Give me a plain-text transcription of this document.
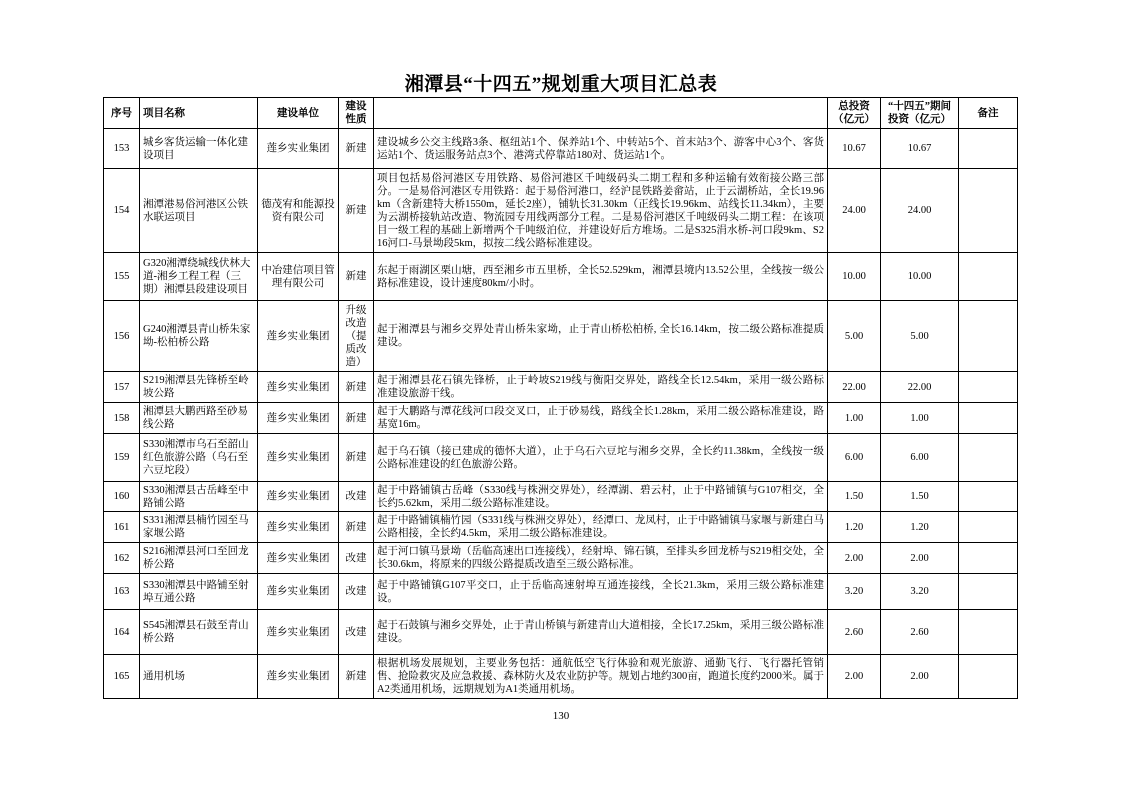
湘潭县“十四五”规划重大项目汇总表
序号	项目名称	建设单位	建设性质		总投资（亿元）	“十四五”期间投资（亿元）	备注
153	城乡客货运输一体化建设项目	莲乡实业集团	新建	建设城乡公交主线路3条、枢纽站1个、保养站1个、中转站5个、首末站3个、游客中心3个、客货运站1个、货运服务站点3个、港湾式停靠站180对、货运站1个。	10.67	10.67	
154	湘潭港易俗河港区公铁水联运项目	德茂宥和能源投资有限公司	新建	项目包括易俗河港区专用铁路、易俗河港区千吨级码头二期工程和多种运输有效衔接公路三部分。一是易俗河港区专用铁路：起于易俗河港口，经沪昆铁路姜畲站，止于云湖桥站，全长19.96km（含新建特大桥1550m，延长2座），铺轨长31.30km（正线长19.96km、站线长11.34km），主要为云湖桥接轨站改造、物流园专用线两部分工程。二是易俗河港区千吨级码头二期工程：在该项目一级工程的基础上新增两个千吨级泊位，并建设好后方堆场。二是S325涓水桥-河口段9km、S216河口-马景坳段5km，拟按二线公路标准建设。	24.00	24.00	
155	G320湘潭绕城线伏林大道-湘乡工程工程（三期）湘潭县段建设项目	中冶建信项目管理有限公司	新建	东起于雨湖区栗山塘，西至湘乡市五里桥，全长52.529km，湘潭县境内13.52公里，全线按一级公路标准建设，设计速度80km/小时。	10.00	10.00	
156	G240湘潭县青山桥朱家坳-松柏桥公路	莲乡实业集团	升级改造（提质改造）	起于湘潭县与湘乡交界处青山桥朱家坳，止于青山桥松柏桥, 全长16.14km，按二级公路标准提质建设。	5.00	5.00	
157	S219湘潭县先锋桥至岭坡公路	莲乡实业集团	新建	起于湘潭县花石镇先锋桥，止于岭坡S219线与衡阳交界处，路线全长12.54km，采用一级公路标准建设旅游干线。	22.00	22.00	
158	湘潭县大鹏西路至砂易线公路	莲乡实业集团	新建	起于大鹏路与潭花线河口段交叉口，止于砂易线，路线全长1.28km，采用二级公路标准建设，路基宽16m。	1.00	1.00	
159	S330湘潭市乌石至韶山红色旅游公路（乌石至六豆坨段）	莲乡实业集团	新建	起于乌石镇（接已建成的德怀大道），止于乌石六豆坨与湘乡交界，全长约11.38km，全线按一级公路标准建设的红色旅游公路。	6.00	6.00	
160	S330湘潭县古岳峰至中路铺公路	莲乡实业集团	改建	起于中路铺镇古岳峰（S330线与株洲交界处），经潭湖、碧云村，止于中路铺镇与G107相交，全长约5.62km，采用二级公路标准建设。	1.50	1.50	
161	S331湘潭县楠竹园至马家堰公路	莲乡实业集团	新建	起于中路铺镇楠竹园（S331线与株洲交界处），经潭口、龙凤村，止于中路铺镇马家堰与新建白马公路相接，全长约4.5km，采用二级公路标准建设。	1.20	1.20	
162	S216湘潭县河口至回龙桥公路	莲乡实业集团	改建	起于河口镇马景坳（岳临高速出口连接线），经射埠、锦石镇，至排头乡回龙桥与S219相交处，全长30.6km，将原来的四级公路提质改造至三级公路标准。	2.00	2.00	
163	S330湘潭县中路铺至射埠互通公路	莲乡实业集团	改建	起于中路铺镇G107平交口，止于岳临高速射埠互通连接线，全长21.3km，采用三级公路标准建设。	3.20	3.20	
164	S545湘潭县石鼓至青山桥公路	莲乡实业集团	改建	起于石鼓镇与湘乡交界处，止于青山桥镇与新建青山大道相接，全长17.25km，采用三级公路标准建设。	2.60	2.60	
165	通用机场	莲乡实业集团	新建	根据机场发展规划，主要业务包括：通航低空飞行体验和观光旅游、通勤飞行、飞行器托管销售、抢险救灾及应急救援、森林防火及农业防护等。规划占地约300亩，跑道长度约2000米。属于A2类通用机场，远期规划为A1类通用机场。	2.00	2.00	
130
